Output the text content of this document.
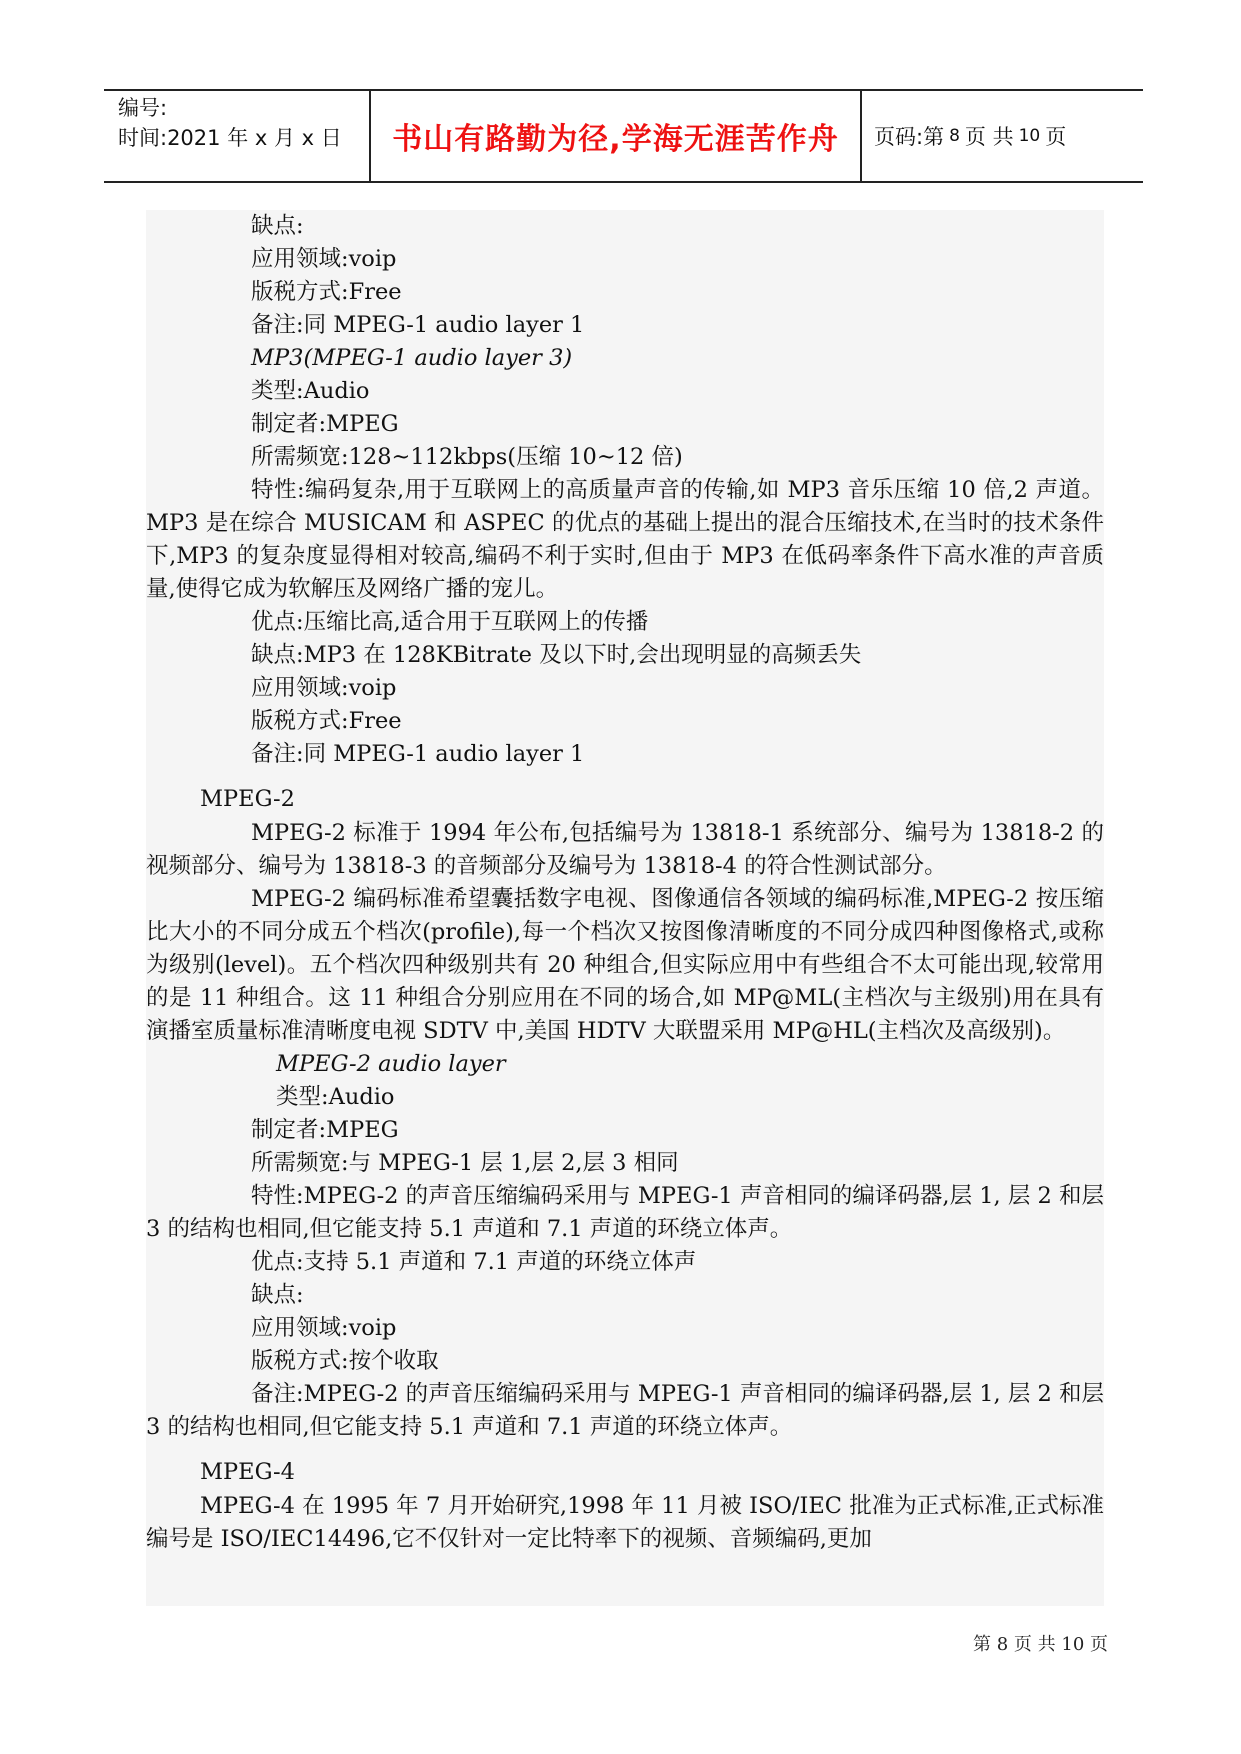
编号:
时间:2021 年 x 月 x 日	书山有路勤为径,学海无涯苦作舟	页码:第 8 页 共 10 页

缺点:

应用领域:voip

版税方式:Free

备注:同 MPEG-1 audio layer 1

MP3(MPEG-1 audio layer 3)

类型:Audio

制定者:MPEG

所需频宽:128~112kbps(压缩 10~12 倍)

特性:编码复杂,用于互联网上的高质量声音的传输,如 MP3 音乐压缩 10 倍,2 声道。MP3 是在综合 MUSICAM 和 ASPEC 的优点的基础上提出的混合压缩技术,在当时的技术条件下,MP3 的复杂度显得相对较高,编码不利于实时,但由于 MP3 在低码率条件下高水准的声音质量,使得它成为软解压及网络广播的宠儿。

优点:压缩比高,适合用于互联网上的传播

缺点:MP3 在 128KBitrate 及以下时,会出现明显的高频丢失

应用领域:voip

版税方式:Free

备注:同 MPEG-1 audio layer 1

MPEG-2

MPEG-2 标准于 1994 年公布,包括编号为 13818-1 系统部分、编号为 13818-2 的视频部分、编号为 13818-3 的音频部分及编号为 13818-4 的符合性测试部分。

MPEG-2 编码标准希望囊括数字电视、图像通信各领域的编码标准,MPEG-2 按压缩比大小的不同分成五个档次(profile),每一个档次又按图像清晰度的不同分成四种图像格式,或称为级别(level)。五个档次四种级别共有 20 种组合,但实际应用中有些组合不太可能出现,较常用的是 11 种组合。这 11 种组合分别应用在不同的场合,如 MP@ML(主档次与主级别)用在具有演播室质量标准清晰度电视 SDTV 中,美国 HDTV 大联盟采用 MP@HL(主档次及高级别)。

MPEG-2 audio layer

类型:Audio

制定者:MPEG

所需频宽:与 MPEG-1 层 1,层 2,层 3 相同

特性:MPEG-2 的声音压缩编码采用与 MPEG-1 声音相同的编译码器,层 1, 层 2 和层 3 的结构也相同,但它能支持 5.1 声道和 7.1 声道的环绕立体声。

优点:支持 5.1 声道和 7.1 声道的环绕立体声

缺点:

应用领域:voip

版税方式:按个收取

备注:MPEG-2 的声音压缩编码采用与 MPEG-1 声音相同的编译码器,层 1, 层 2 和层 3 的结构也相同,但它能支持 5.1 声道和 7.1 声道的环绕立体声。

MPEG-4

MPEG-4 在 1995 年 7 月开始研究,1998 年 11 月被 ISO/IEC 批准为正式标准,正式标准编号是 ISO/IEC14496,它不仅针对一定比特率下的视频、音频编码,更加

第 8 页 共 10 页
